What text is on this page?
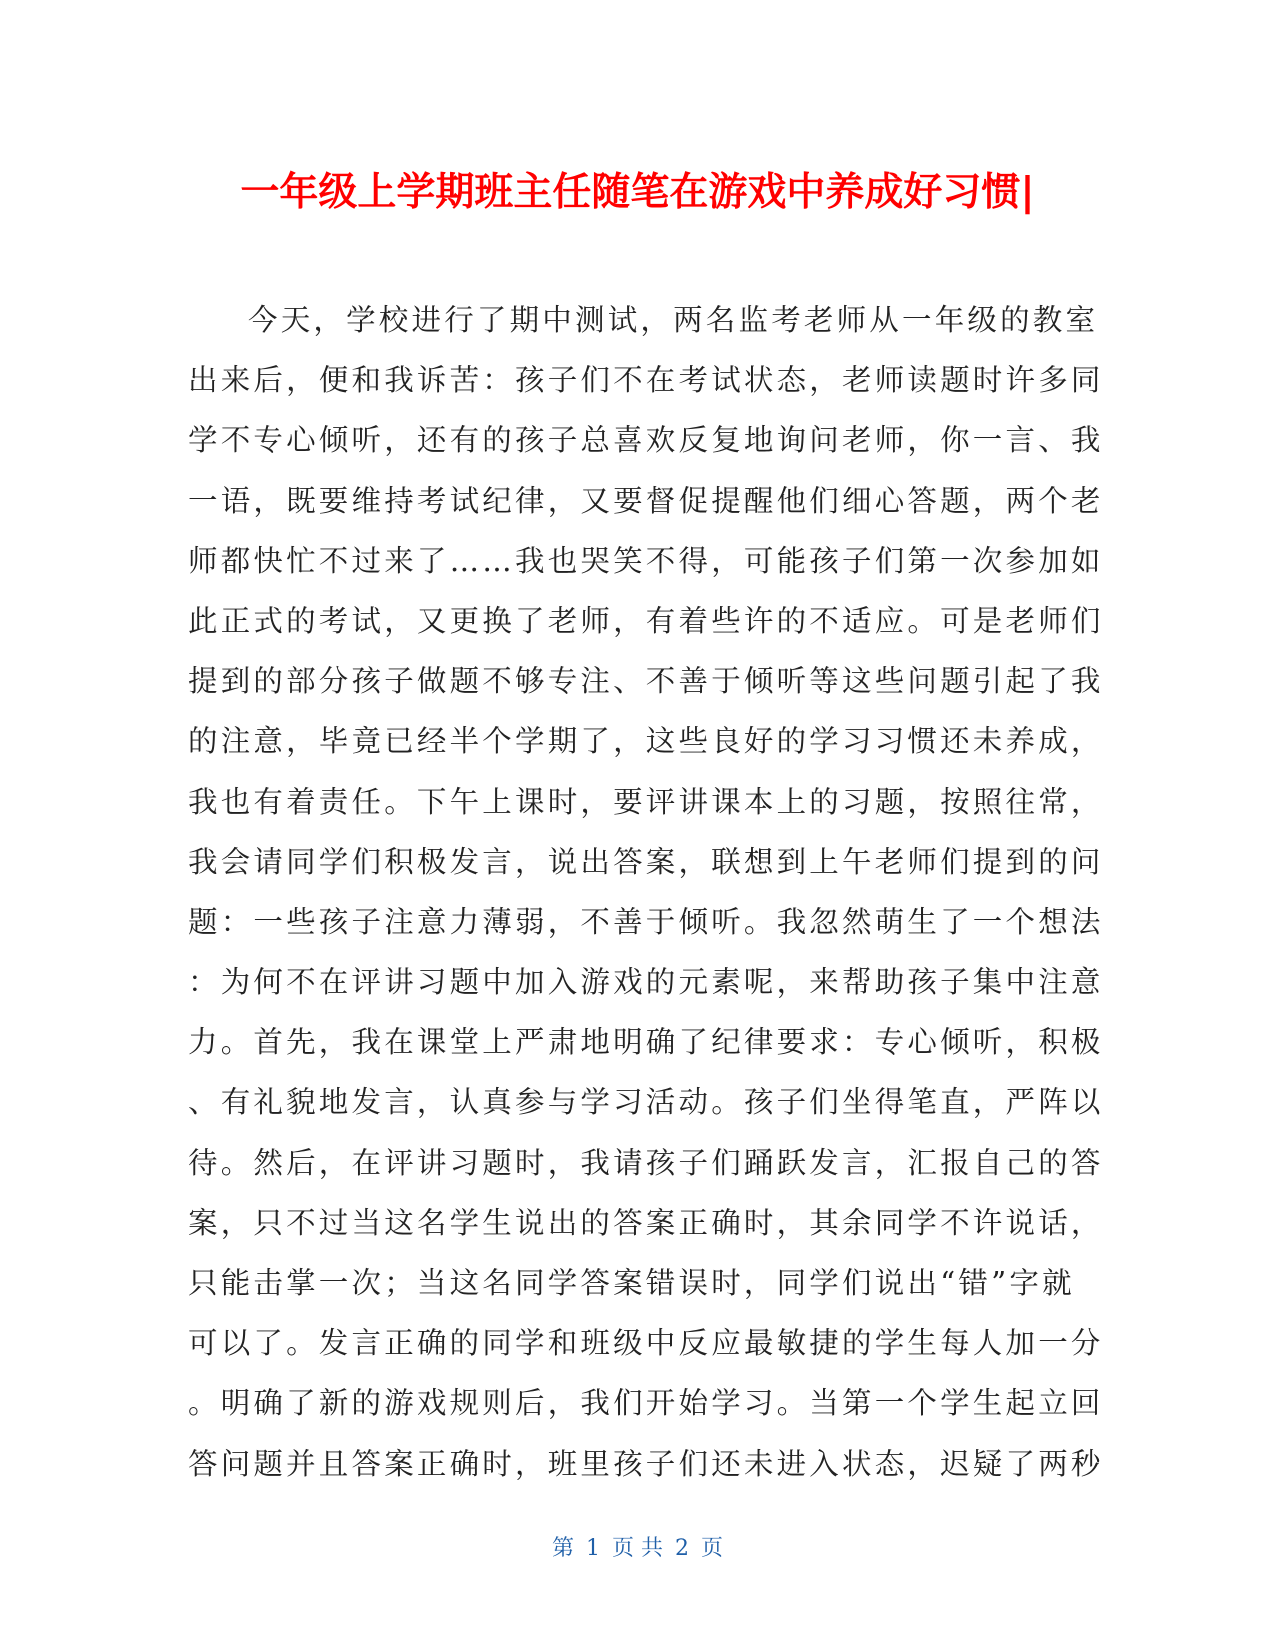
一年级上学期班主任随笔在游戏中养成好习惯|
今天，学校进行了期中测试，两名监考老师从一年级的教室
出来后，便和我诉苦：孩子们不在考试状态，老师读题时许多同
学不专心倾听，还有的孩子总喜欢反复地询问老师，你一言、我
一语，既要维持考试纪律，又要督促提醒他们细心答题，两个老
师都快忙不过来了……我也哭笑不得，可能孩子们第一次参加如
此正式的考试，又更换了老师，有着些许的不适应。可是老师们
提到的部分孩子做题不够专注、不善于倾听等这些问题引起了我
的注意，毕竟已经半个学期了，这些良好的学习习惯还未养成，
我也有着责任。下午上课时，要评讲课本上的习题，按照往常，
我会请同学们积极发言，说出答案，联想到上午老师们提到的问
题：一些孩子注意力薄弱，不善于倾听。我忽然萌生了一个想法
：为何不在评讲习题中加入游戏的元素呢，来帮助孩子集中注意
力。首先，我在课堂上严肃地明确了纪律要求：专心倾听，积极
、有礼貌地发言，认真参与学习活动。孩子们坐得笔直，严阵以
待。然后，在评讲习题时，我请孩子们踊跃发言，汇报自己的答
案，只不过当这名学生说出的答案正确时，其余同学不许说话，
只能击掌一次；当这名同学答案错误时，同学们说出“错”字就
可以了。发言正确的同学和班级中反应最敏捷的学生每人加一分
。明确了新的游戏规则后，我们开始学习。当第一个学生起立回
答问题并且答案正确时，班里孩子们还未进入状态，迟疑了两秒
第 1 页 共 2 页
